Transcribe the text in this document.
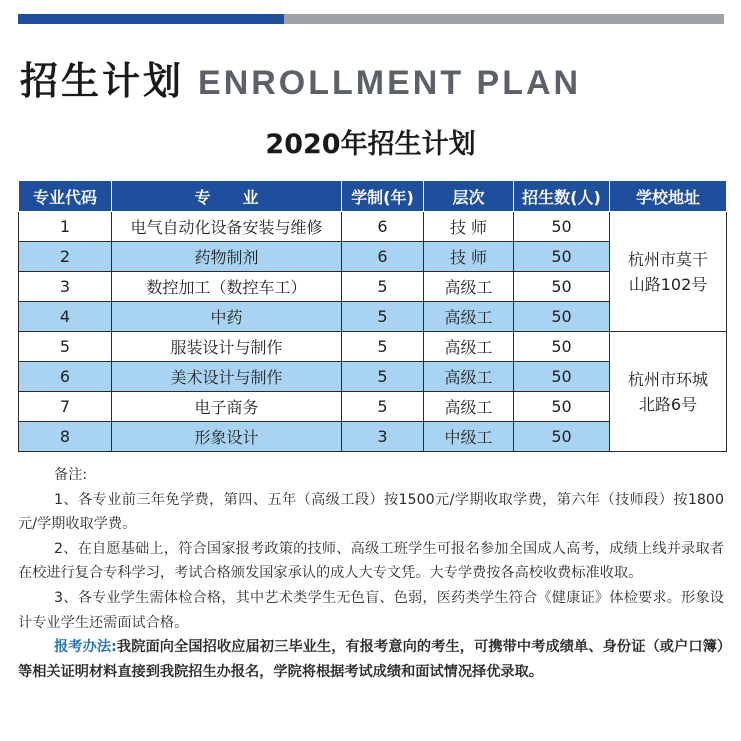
招生计划 ENROLLMENT PLAN
2020年招生计划
专业代码	专　　业	学制(年)	层次	招生数(人)	学校地址
1	电气自动化设备安装与维修	6	技 师	50	杭州市莫干
山路102号

2	药物制剂	6	技 师	50	
3	数控加工（数控车工）	5	高级工	50	
4	中药	5	高级工	50	
5	服装设计与制作	5	高级工	50	杭州市环城
北路6号

6	美术设计与制作	5	高级工	50	
7	电子商务	5	高级工	50	
8	形象设计	3	中级工	50	

备注:

1、各专业前三年免学费，第四、五年（高级工段）按1500元/学期收取学费，第六年（技师段）按1800元/学期收取学费。

2、在自愿基础上，符合国家报考政策的技师、高级工班学生可报名参加全国成人高考，成绩上线并录取者在校进行复合专科学习，考试合格颁发国家承认的成人大专文凭。大专学费按各高校收费标准收取。

3、各专业学生需体检合格，其中艺术类学生无色盲、色弱，医药类学生符合《健康证》体检要求。形象设计专业学生还需面试合格。

报考办法:我院面向全国招收应届初三毕业生，有报考意向的考生，可携带中考成绩单、身份证（或户口簿）等相关证明材料直接到我院招生办报名，学院将根据考试成绩和面试情况择优录取。
